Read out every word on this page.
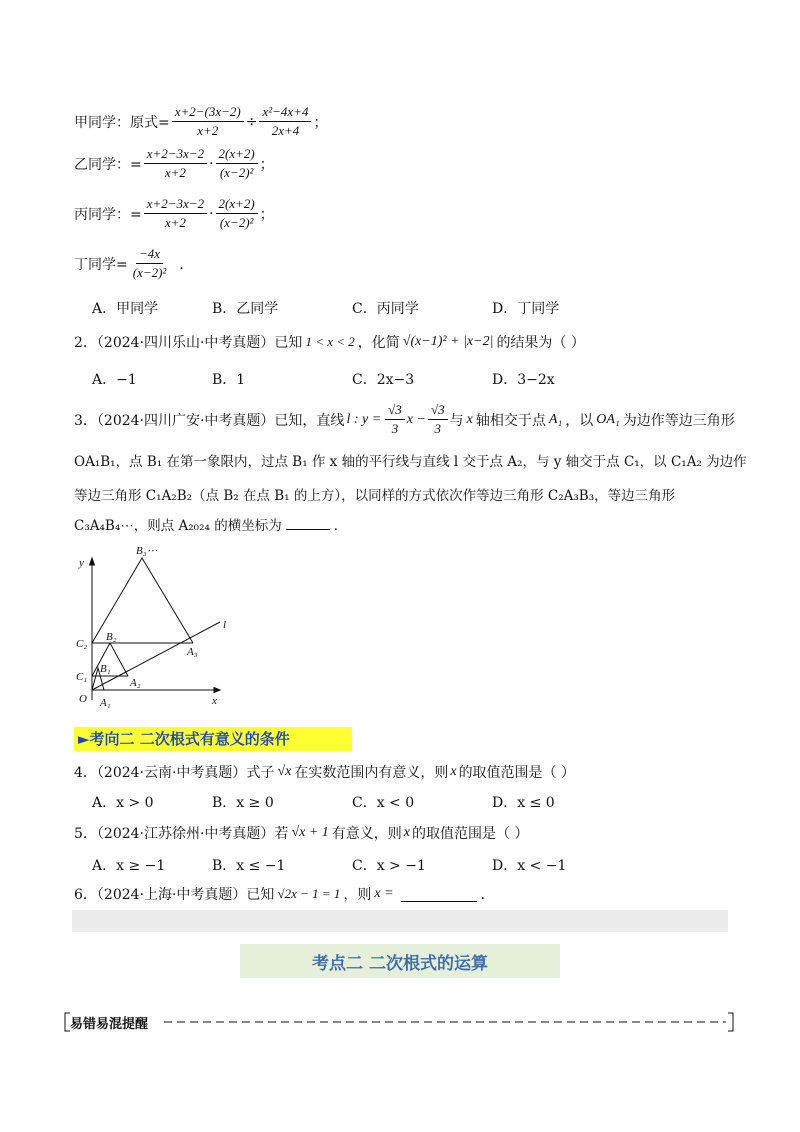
甲同学：原式= $\frac{x+2-(3x-2)}{x+2} \div \frac{\text{x²−4x+4}}{2x+4}$ ；
乙同学：= $\frac{x+2-3x-2}{x+2} \cdot \frac{2(x+2)}{\text{(x−2)²}}$ ；
丙同学：= $\frac{x+2-3x-2}{x+2} \cdot \frac{2(x+2)}{\text{(x−2)²}}$ ；
丁同学= $\frac{-4x}{\text{(x−2)²}}$ ．
A．甲同学	B．乙同学	C．丙同学	D．丁同学
2．（2024·四川乐山·中考真题）已知 1 < x < 2 ，化简 √(x−1)² + |x−2| 的结果为（ ）
A．−1	B．1	C．2x−3	D．3−2x
3．（2024·四川广安·中考真题）已知，直线 l : $y = \frac{√3}{3}$ $x - \frac{√3}{3}$ 与 x 轴相交于点 A₁ ，以 OA₁ 为边作等边三角形
OA₁B₁，点 B₁ 在第一象限内，过点 B₁ 作 x 轴的平行线与直线 l 交于点 A₂，与 y 轴交于点 C₁，以 C₁A₂ 为边作
等边三角形 C₁A₂B₂（点 B₂ 在点 B₁ 的上方），以同样的方式依次作等边三角形 C₂A₃B₃，等边三角形
C₃A₄B₄⋯，则点 A₂₀₂₄ 的横坐标为	．
y
x
O A₁
A₂
A₃
B₁
B₂
B₃⋯
C₁
C₂
l
►考向二 二次根式有意义的条件
4．（2024·云南·中考真题）式子 √x 在实数范围内有意义，则 x 的取值范围是（ ）
A．x > 0	B．x ≥ 0	C．x < 0	D．x ≤ 0
5．（2024·江苏徐州·中考真题）若 √x + 1 有意义，则 x 的取值范围是（ ）
A．x ≥ −1	B．x ≤ −1	C．x > −1	D．x < −1
6．（2024·上海·中考真题）已知 √2x − 1 = 1 ，则 x =	．
考点二 二次根式的运算
易错易混提醒
